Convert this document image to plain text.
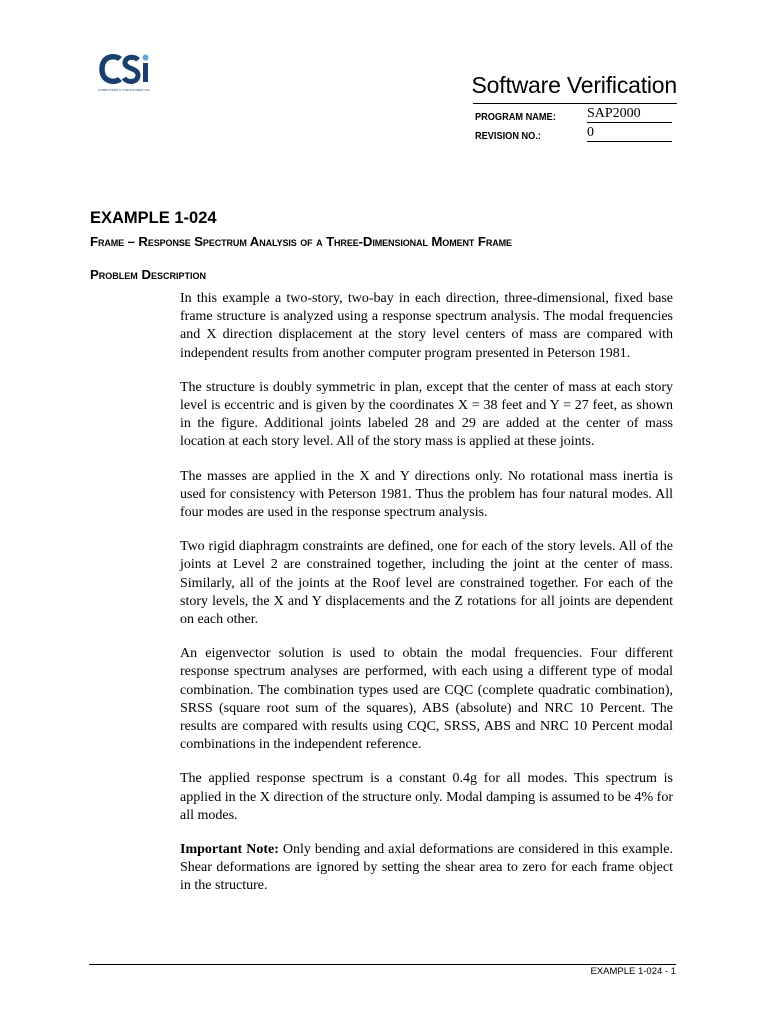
COMPUTERS & STRUCTURES INC.	Software Verification
PROGRAM NAME: SAP2000
REVISION NO.:	0
EXAMPLE 1-024
Frame – Response Spectrum Analysis of a Three-Dimensional Moment Frame
Problem Description

In this example a two-story, two-bay in each direction, three-dimensional, fixed base frame structure is analyzed using a response spectrum analysis. The modal frequencies and X direction displacement at the story level centers of mass are compared with independent results from another computer program presented in Peterson 1981.

The structure is doubly symmetric in plan, except that the center of mass at each story level is eccentric and is given by the coordinates X = 38 feet and Y = 27 feet, as shown in the figure. Additional joints labeled 28 and 29 are added at the center of mass location at each story level. All of the story mass is applied at these joints.

The masses are applied in the X and Y directions only. No rotational mass inertia is used for consistency with Peterson 1981. Thus the problem has four natural modes. All four modes are used in the response spectrum analysis.

Two rigid diaphragm constraints are defined, one for each of the story levels. All of the joints at Level 2 are constrained together, including the joint at the center of mass. Similarly, all of the joints at the Roof level are constrained together. For each of the story levels, the X and Y displacements and the Z rotations for all joints are dependent on each other.

An eigenvector solution is used to obtain the modal frequencies. Four different response spectrum analyses are performed, with each using a different type of modal combination. The combination types used are CQC (complete quadratic combination), SRSS (square root sum of the squares), ABS (absolute) and NRC 10 Percent. The results are compared with results using CQC, SRSS, ABS and NRC 10 Percent modal combinations in the independent reference.

The applied response spectrum is a constant 0.4g for all modes. This spectrum is applied in the X direction of the structure only. Modal damping is assumed to be 4% for all modes.

Important Note: Only bending and axial deformations are considered in this example. Shear deformations are ignored by setting the shear area to zero for each frame object in the structure.

EXAMPLE 1-024 - 1
